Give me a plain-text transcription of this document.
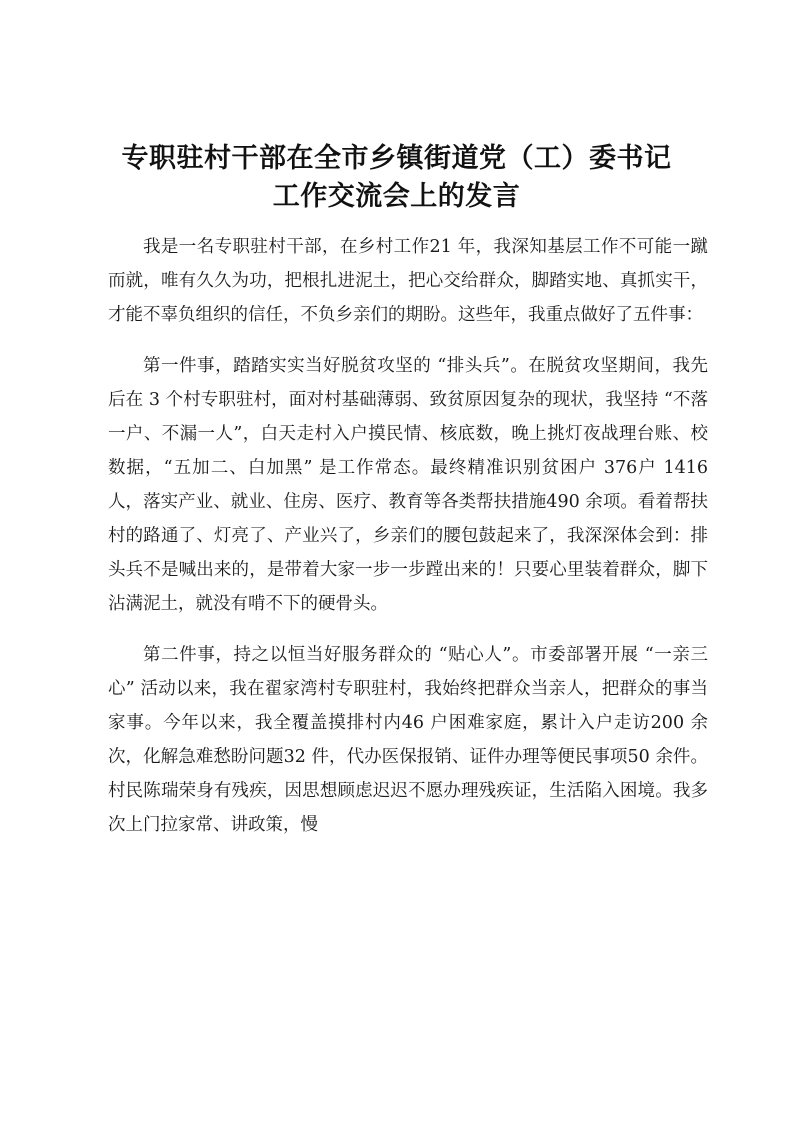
专职驻村干部在全市乡镇街道党（工）委书记
工作交流会上的发言

我是一名专职驻村干部，在乡村工作21 年，我深知基层工作不可能一蹴而就，唯有久久为功，把根扎进泥土，把心交给群众，脚踏实地、真抓实干，才能不辜负组织的信任，不负乡亲们的期盼。这些年，我重点做好了五件事：

第一件事，踏踏实实当好脱贫攻坚的 “排头兵”。在脱贫攻坚期间，我先后在 3 个村专职驻村，面对村基础薄弱、致贫原因复杂的现状，我坚持 “不落一户、不漏一人”，白天走村入户摸民情、核底数，晚上挑灯夜战理台账、校数据，“五加二、白加黑” 是工作常态。最终精准识别贫困户 376户 1416 人，落实产业、就业、住房、医疗、教育等各类帮扶措施490 余项。看着帮扶村的路通了、灯亮了、产业兴了，乡亲们的腰包鼓起来了，我深深体会到：排头兵不是喊出来的，是带着大家一步一步蹚出来的！只要心里装着群众，脚下沾满泥土，就没有啃不下的硬骨头。

第二件事，持之以恒当好服务群众的 “贴心人”。市委部署开展 “一亲三心” 活动以来，我在翟家湾村专职驻村，我始终把群众当亲人，把群众的事当家事。今年以来，我全覆盖摸排村内46 户困难家庭，累计入户走访200 余次，化解急难愁盼问题32 件，代办医保报销、证件办理等便民事项50 余件。村民陈瑞荣身有残疾，因思想顾虑迟迟不愿办理残疾证，生活陷入困境。我多次上门拉家常、讲政策，慢
